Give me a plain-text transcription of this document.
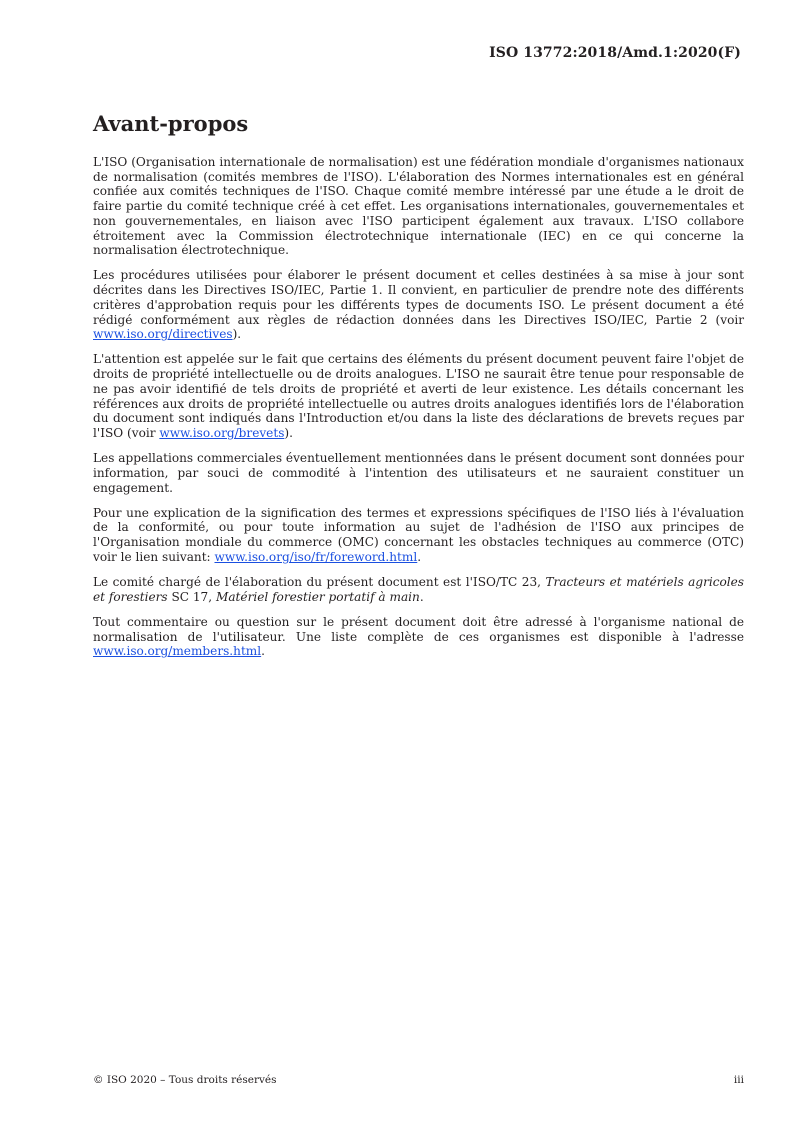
ISO 13772:2018/Amd.1:2020(F)
Avant-propos

L'ISO (Organisation internationale de normalisation) est une fédération mondiale d'organismes nationaux de normalisation (comités membres de l'ISO). L'élaboration des Normes internationales est en général confiée aux comités techniques de l'ISO. Chaque comité membre intéressé par une étude a le droit de faire partie du comité technique créé à cet effet. Les organisations internationales, gouvernementales et non gouvernementales, en liaison avec l'ISO participent également aux travaux. L'ISO collabore étroitement avec la Commission électrotechnique internationale (IEC) en ce qui concerne la normalisation électrotechnique.

Les procédures utilisées pour élaborer le présent document et celles destinées à sa mise à jour sont décrites dans les Directives ISO/IEC, Partie 1. Il convient, en particulier de prendre note des différents critères d'approbation requis pour les différents types de documents ISO. Le présent document a été rédigé conformément aux règles de rédaction données dans les Directives ISO/IEC, Partie 2 (voir www.iso.org/directives).

L'attention est appelée sur le fait que certains des éléments du présent document peuvent faire l'objet de droits de propriété intellectuelle ou de droits analogues. L'ISO ne saurait être tenue pour responsable de ne pas avoir identifié de tels droits de propriété et averti de leur existence. Les détails concernant les références aux droits de propriété intellectuelle ou autres droits analogues identifiés lors de l'élaboration du document sont indiqués dans l'Introduction et/ou dans la liste des déclarations de brevets reçues par l'ISO (voir www.iso.org/brevets).

Les appellations commerciales éventuellement mentionnées dans le présent document sont données pour information, par souci de commodité à l'intention des utilisateurs et ne sauraient constituer un engagement.

Pour une explication de la signification des termes et expressions spécifiques de l'ISO liés à l'évaluation de la conformité, ou pour toute information au sujet de l'adhésion de l'ISO aux principes de l'Organisation mondiale du commerce (OMC) concernant les obstacles techniques au commerce (OTC) voir le lien suivant: www.iso.org/iso/fr/foreword.html.

Le comité chargé de l'élaboration du présent document est l'ISO/TC 23, Tracteurs et matériels agricoles et forestiers SC 17, Matériel forestier portatif à main.

Tout commentaire ou question sur le présent document doit être adressé à l'organisme national de normalisation de l'utilisateur. Une liste complète de ces organismes est disponible à l'adresse www.iso.org/members.html.

© ISO 2020 – Tous droits réservés	iii
